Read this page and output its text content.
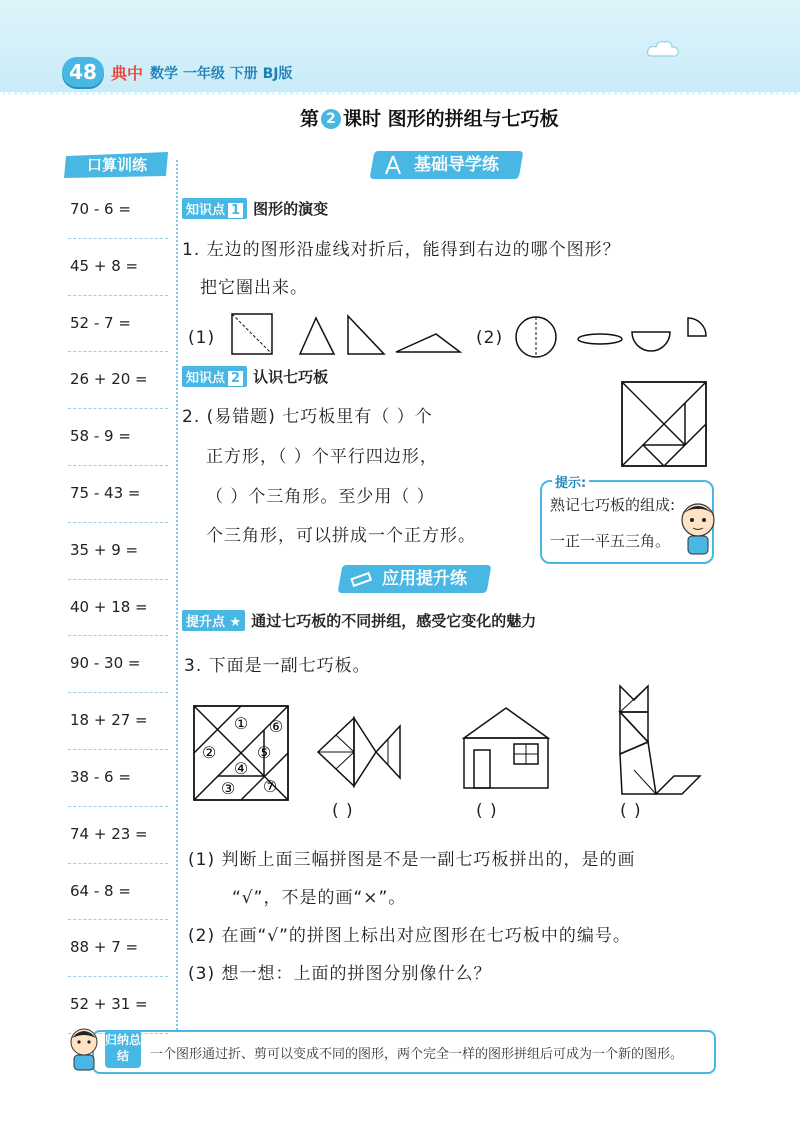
48 典中 数学 一年级 下册 BJ版
第 2 课时 图形的拼组与七巧板
口算训练
70 - 6 =
45 + 8 =
52 - 7 =
26 + 20 =
58 - 9 =
75 - 43 =
35 + 9 =
40 + 18 =
90 - 30 =
18 + 27 =
38 - 6 =
74 + 23 =
64 - 8 =
88 + 7 =
52 + 31 =
基础导学练
知识点 1 图形的演变
1. 左边的图形沿虚线对折后，能得到右边的哪个图形？
把它圈出来。
(1)	(2)
知识点 2 认识七巧板
2. (易错题) 七巧板里有（ ）个
正方形，（ ）个平行四边形，
（ ）个三角形。至少用（ ）
个三角形，可以拼成一个正方形。
提示:
熟记七巧板的组成:
一正一平五三角。
应用提升练
提升点 ★ 通过七巧板的不同拼组，感受它变化的魅力
3. 下面是一副七巧板。
①
②
③
④
⑤
⑥
⑦
( )	( )	( )
(1) 判断上面三幅拼图是不是一副七巧板拼出的，是的画
“√”，不是的画“×”。
(2) 在画“√”的拼图上标出对应图形在七巧板中的编号。
(3) 想一想：上面的拼图分别像什么？
归纳总结	一个图形通过折、剪可以变成不同的图形，两个完全一样的图形拼组后可成为一个新的图形。
